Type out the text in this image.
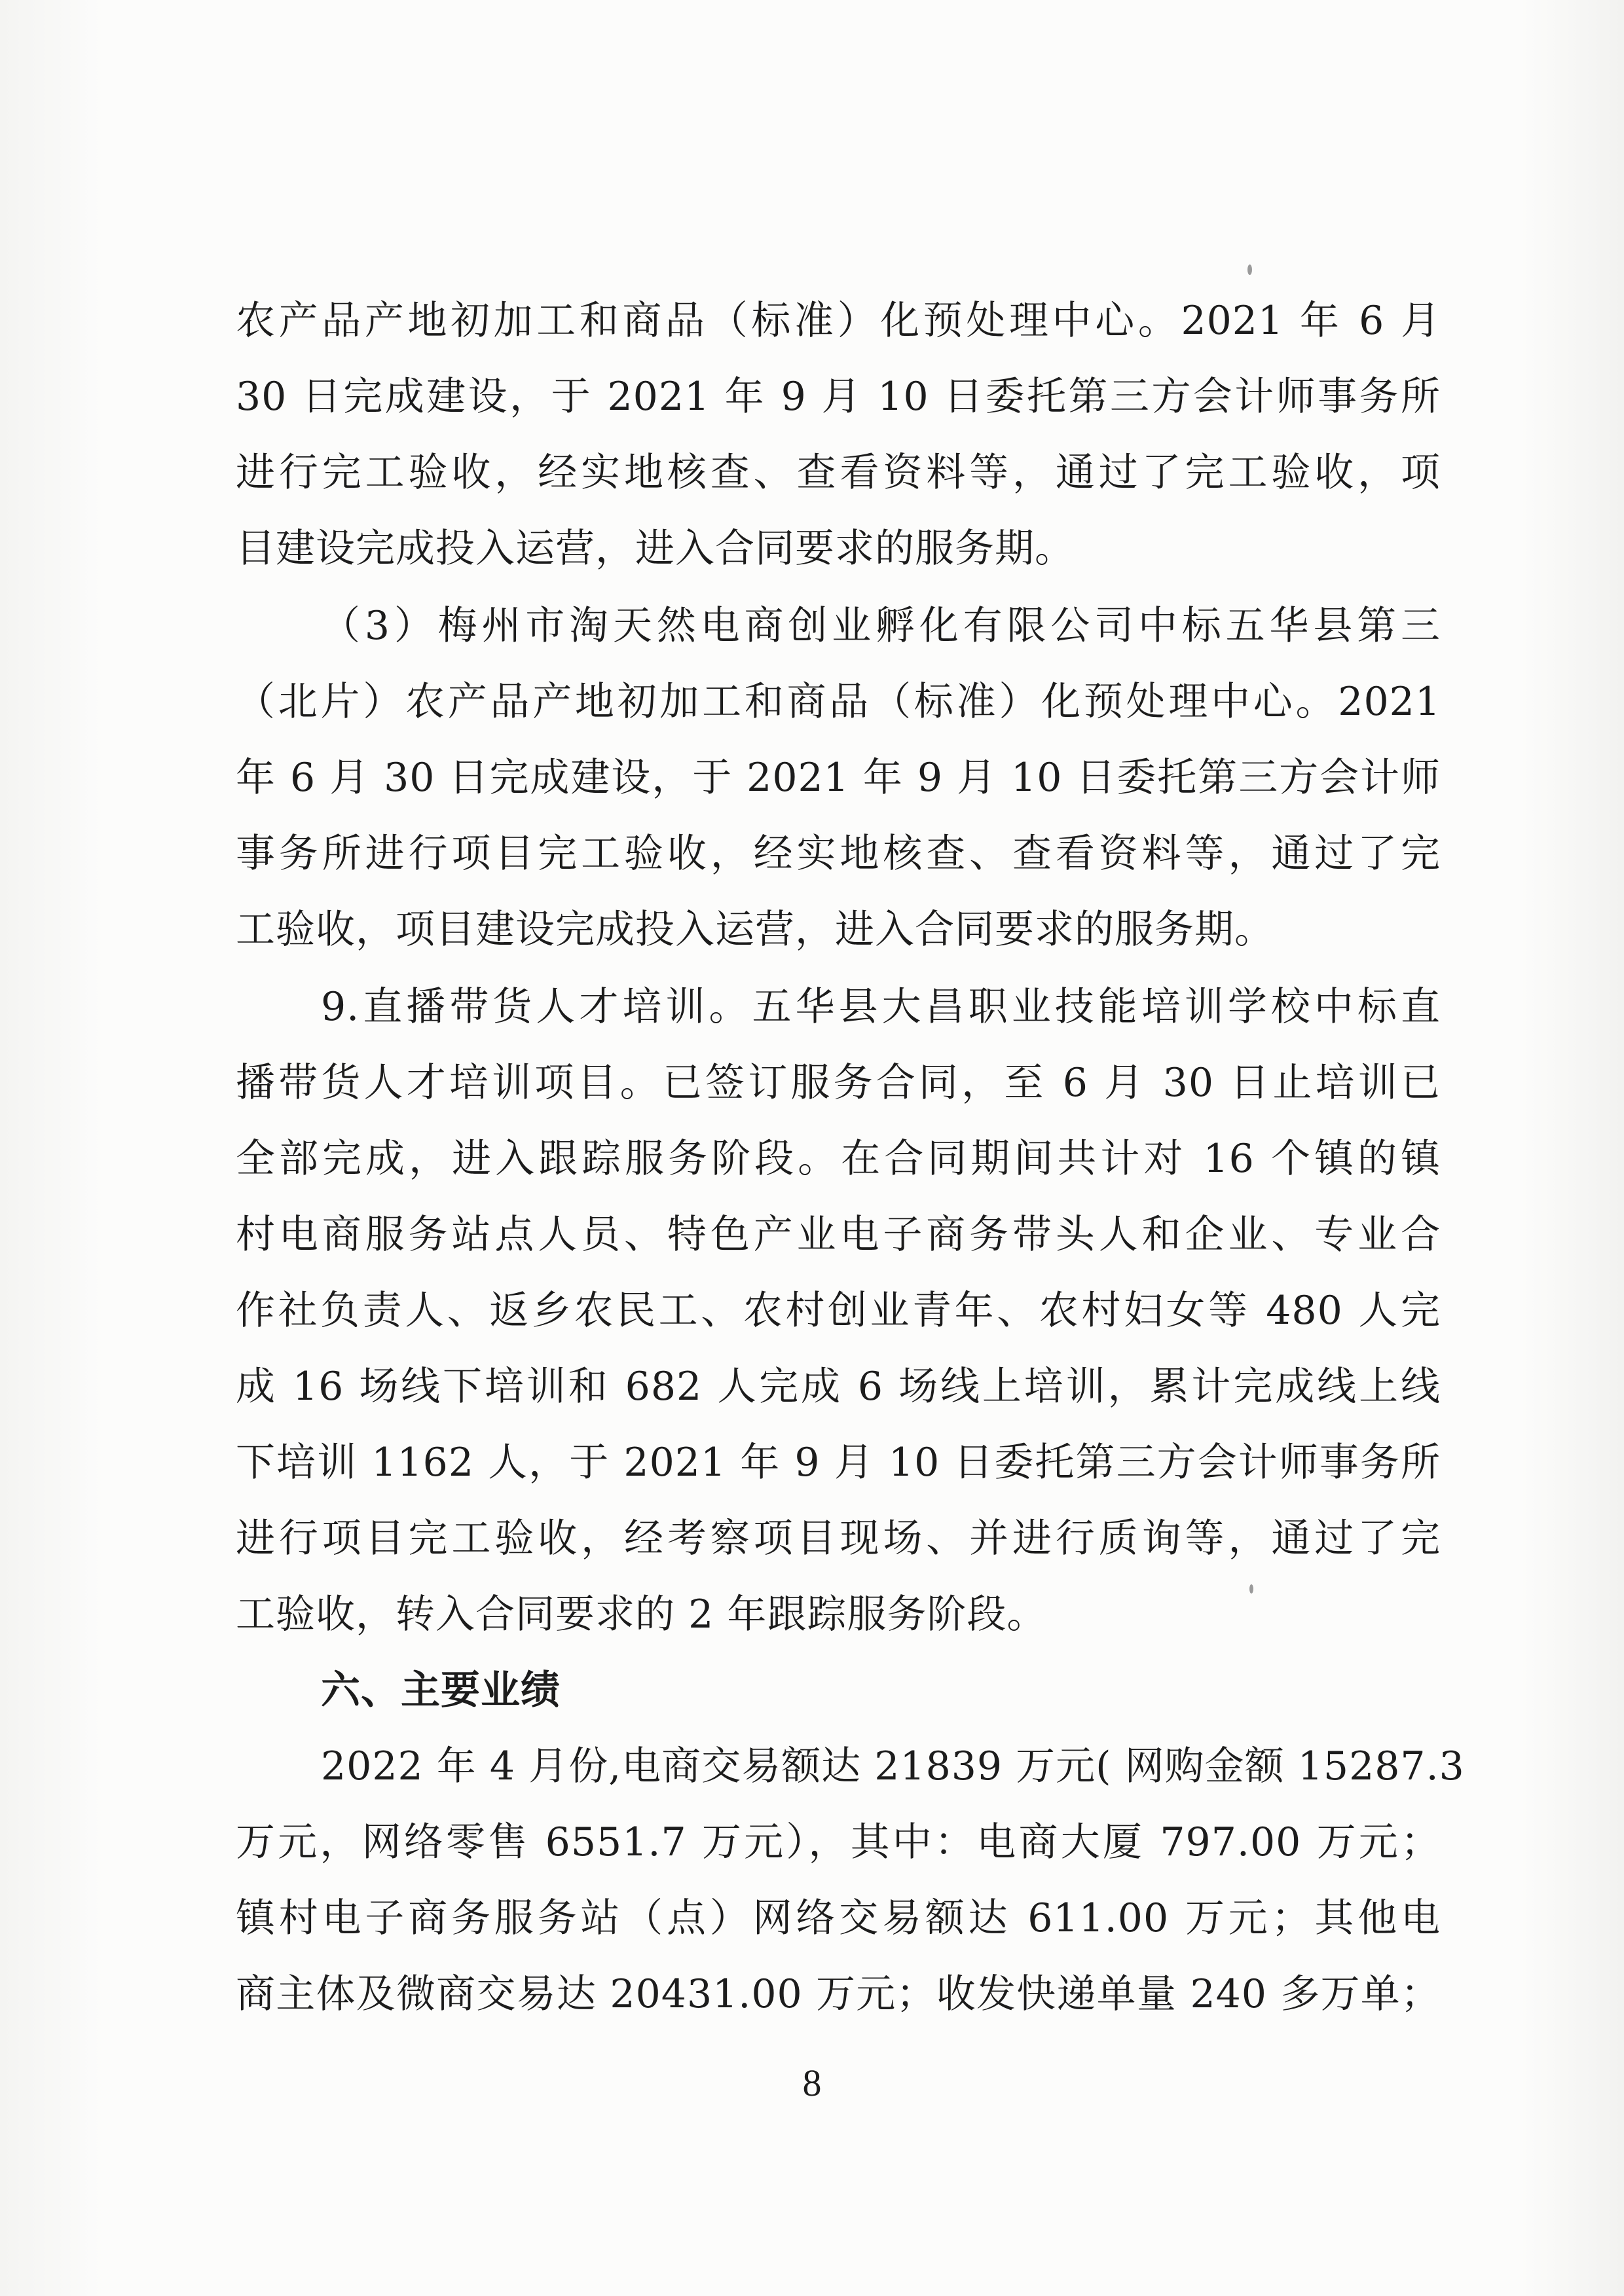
农产品产地初加工和商品（标准）化预处理中心。2021 年 6 月
30 日完成建设，于 2021 年 9 月 10 日委托第三方会计师事务所
进行完工验收，经实地核查、查看资料等，通过了完工验收，项
目建设完成投入运营，进入合同要求的服务期。
（3）梅州市淘天然电商创业孵化有限公司中标五华县第三
（北片）农产品产地初加工和商品（标准）化预处理中心。2021
年 6 月 30 日完成建设，于 2021 年 9 月 10 日委托第三方会计师
事务所进行项目完工验收，经实地核查、查看资料等，通过了完
工验收，项目建设完成投入运营，进入合同要求的服务期。
9.直播带货人才培训。五华县大昌职业技能培训学校中标直
播带货人才培训项目。已签订服务合同，至 6 月 30 日止培训已
全部完成，进入跟踪服务阶段。在合同期间共计对 16 个镇的镇
村电商服务站点人员、特色产业电子商务带头人和企业、专业合
作社负责人、返乡农民工、农村创业青年、农村妇女等 480 人完
成 16 场线下培训和 682 人完成 6 场线上培训，累计完成线上线
下培训 1162 人，于 2021 年 9 月 10 日委托第三方会计师事务所
进行项目完工验收，经考察项目现场、并进行质询等，通过了完
工验收，转入合同要求的 2 年跟踪服务阶段。
六、主要业绩
2022 年 4 月份,电商交易额达 21839 万元( 网购金额 15287.3
万元，网络零售 6551.7 万元），其中：电商大厦 797.00 万元；
镇村电子商务服务站（点）网络交易额达 611.00 万元；其他电
商主体及微商交易达 20431.00 万元；收发快递单量 240 多万单；
8
